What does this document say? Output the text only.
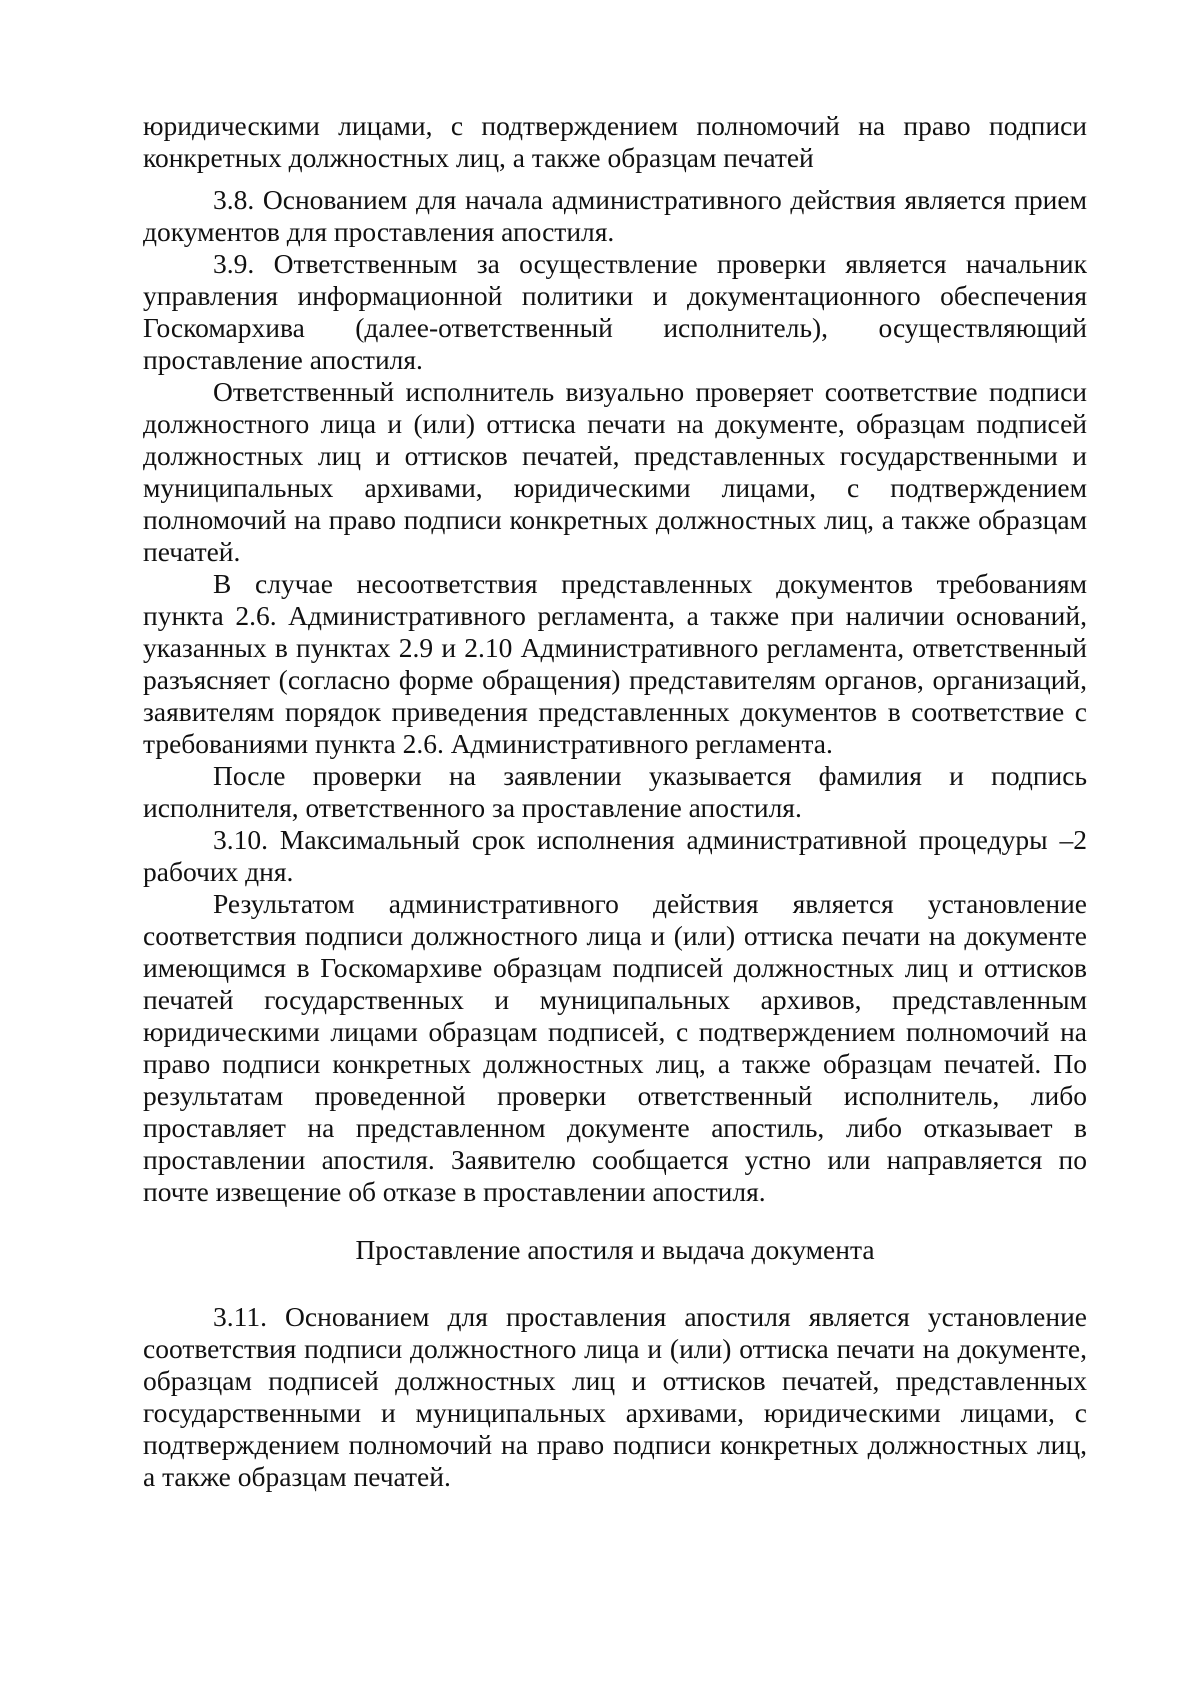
юридическими лицами, с подтверждением полномочий на право подписи конкретных должностных лиц, а также образцам печатей

3.8. Основанием для начала административного действия является прием документов для проставления апостиля.

3.9. Ответственным за осуществление проверки является начальник управления информационной политики и документационного обеспечения Госкомархива (далее-ответственный исполнитель), осуществляющий проставление апостиля.

Ответственный исполнитель визуально проверяет соответствие подписи должностного лица и (или) оттиска печати на документе, образцам подписей должностных лиц и оттисков печатей, представленных государственными и муниципальных архивами, юридическими лицами, с подтверждением полномочий на право подписи конкретных должностных лиц, а также образцам печатей.

В случае несоответствия представленных документов требованиям пункта 2.6. Административного регламента, а также при наличии оснований, указанных в пунктах 2.9 и 2.10 Административного регламента, ответственный разъясняет (согласно форме обращения) представителям органов, организаций, заявителям порядок приведения представленных документов в соответствие с требованиями пункта 2.6. Административного регламента.

После проверки на заявлении указывается фамилия и подпись исполнителя, ответственного за проставление апостиля.

3.10. Максимальный срок исполнения административной процедуры –2 рабочих дня.

Результатом административного действия является установление соответствия подписи должностного лица и (или) оттиска печати на документе имеющимся в Госкомархиве образцам подписей должностных лиц и оттисков печатей государственных и муниципальных архивов, представленным юридическими лицами образцам подписей, с подтверждением полномочий на право подписи конкретных должностных лиц, а также образцам печатей. По результатам проведенной проверки ответственный исполнитель, либо проставляет на представленном документе апостиль, либо отказывает в проставлении апостиля. Заявителю сообщается устно или направляется по почте извещение об отказе в проставлении апостиля.

Проставление апостиля и выдача документа

3.11. Основанием для проставления апостиля является установление соответствия подписи должностного лица и (или) оттиска печати на документе, образцам подписей должностных лиц и оттисков печатей, представленных государственными и муниципальных архивами, юридическими лицами, с подтверждением полномочий на право подписи конкретных должностных лиц, а также образцам печатей.
